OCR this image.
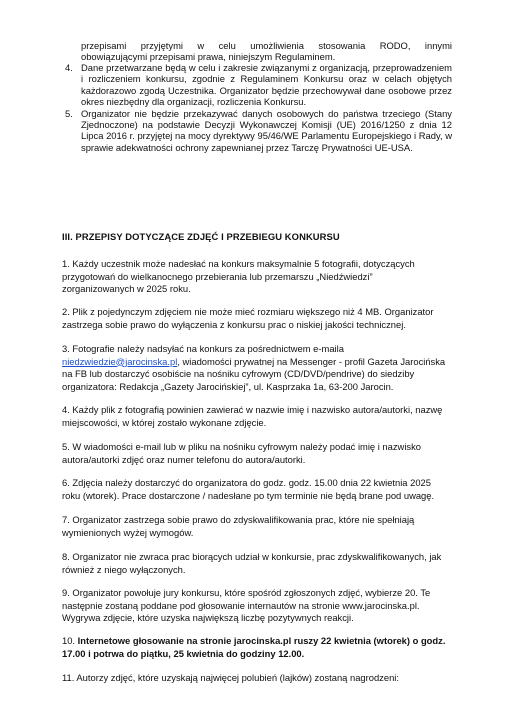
przepisami przyjętymi w celu umożliwienia stosowania RODO, innymi
obowiązującymi przepisami prawa, niniejszym Regulaminem.
4. Dane przetwarzane będą w celu i zakresie związanymi z organizacją, przeprowadzeniem i rozliczeniem konkursu, zgodnie z Regulaminem Konkursu oraz w celach objętych każdorazowo zgodą Uczestnika. Organizator będzie przechowywał dane osobowe przez okres niezbędny dla organizacji, rozliczenia Konkursu.
5. Organizator nie będzie przekazywać danych osobowych do państwa trzeciego (Stany Zjednoczone) na podstawie Decyzji Wykonawczej Komisji (UE) 2016/1250 z dnia 12 Lipca 2016 r. przyjętej na mocy dyrektywy 95/46/WE Parlamentu Europejskiego i Rady, w sprawie adekwatności ochrony zapewnianej przez Tarczę Prywatności UE-USA.
III. PRZEPISY DOTYCZĄCE ZDJĘĆ I PRZEBIEGU KONKURSU
1. Każdy uczestnik może nadesłać na konkurs maksymalnie 5 fotografii, dotyczących
przygotowań do wielkanocnego przebierania lub przemarszu „Niedźwiedzi”
zorganizowanych w 2025 roku.
2. Plik z pojedynczym zdjęciem nie może mieć rozmiaru większego niż 4 MB. Organizator
zastrzega sobie prawo do wyłączenia z konkursu prac o niskiej jakości technicznej.
3. Fotografie należy nadsyłać na konkurs za pośrednictwem e-maila
niedzwiedzie@jarocinska.pl, wiadomości prywatnej na Messenger - profil Gazeta Jarocińska
na FB lub dostarczyć osobiście na nośniku cyfrowym (CD/DVD/pendrive) do siedziby
organizatora: Redakcja „Gazety Jarocińskiej”, ul. Kasprzaka 1a, 63-200 Jarocin.
4. Każdy plik z fotografią powinien zawierać w nazwie imię i nazwisko autora/autorki, nazwę
miejscowości, w której zostało wykonane zdjęcie.
5. W wiadomości e-mail lub w pliku na nośniku cyfrowym należy podać imię i nazwisko
autora/autorki zdjęć oraz numer telefonu do autora/autorki.
6. Zdjęcia należy dostarczyć do organizatora do godz. godz. 15.00 dnia 22 kwietnia 2025
roku (wtorek). Prace dostarczone / nadesłane po tym terminie nie będą brane pod uwagę.
7. Organizator zastrzega sobie prawo do zdyskwalifikowania prac, które nie spełniają
wymienionych wyżej wymogów.
8. Organizator nie zwraca prac biorących udział w konkursie, prac zdyskwalifikowanych, jak
również z niego wyłączonych.
9. Organizator powołuje jury konkursu, które spośród zgłoszonych zdjęć, wybierze 20. Te
następnie zostaną poddane pod głosowanie internautów na stronie www.jarocinska.pl.
Wygrywa zdjęcie, które uzyska największą liczbę pozytywnych reakcji.
10. Internetowe głosowanie na stronie jarocinska.pl ruszy 22 kwietnia (wtorek) o godz.
17.00 i potrwa do piątku, 25 kwietnia do godziny 12.00.
11. Autorzy zdjęć, które uzyskają najwięcej polubień (lajków) zostaną nagrodzeni:
